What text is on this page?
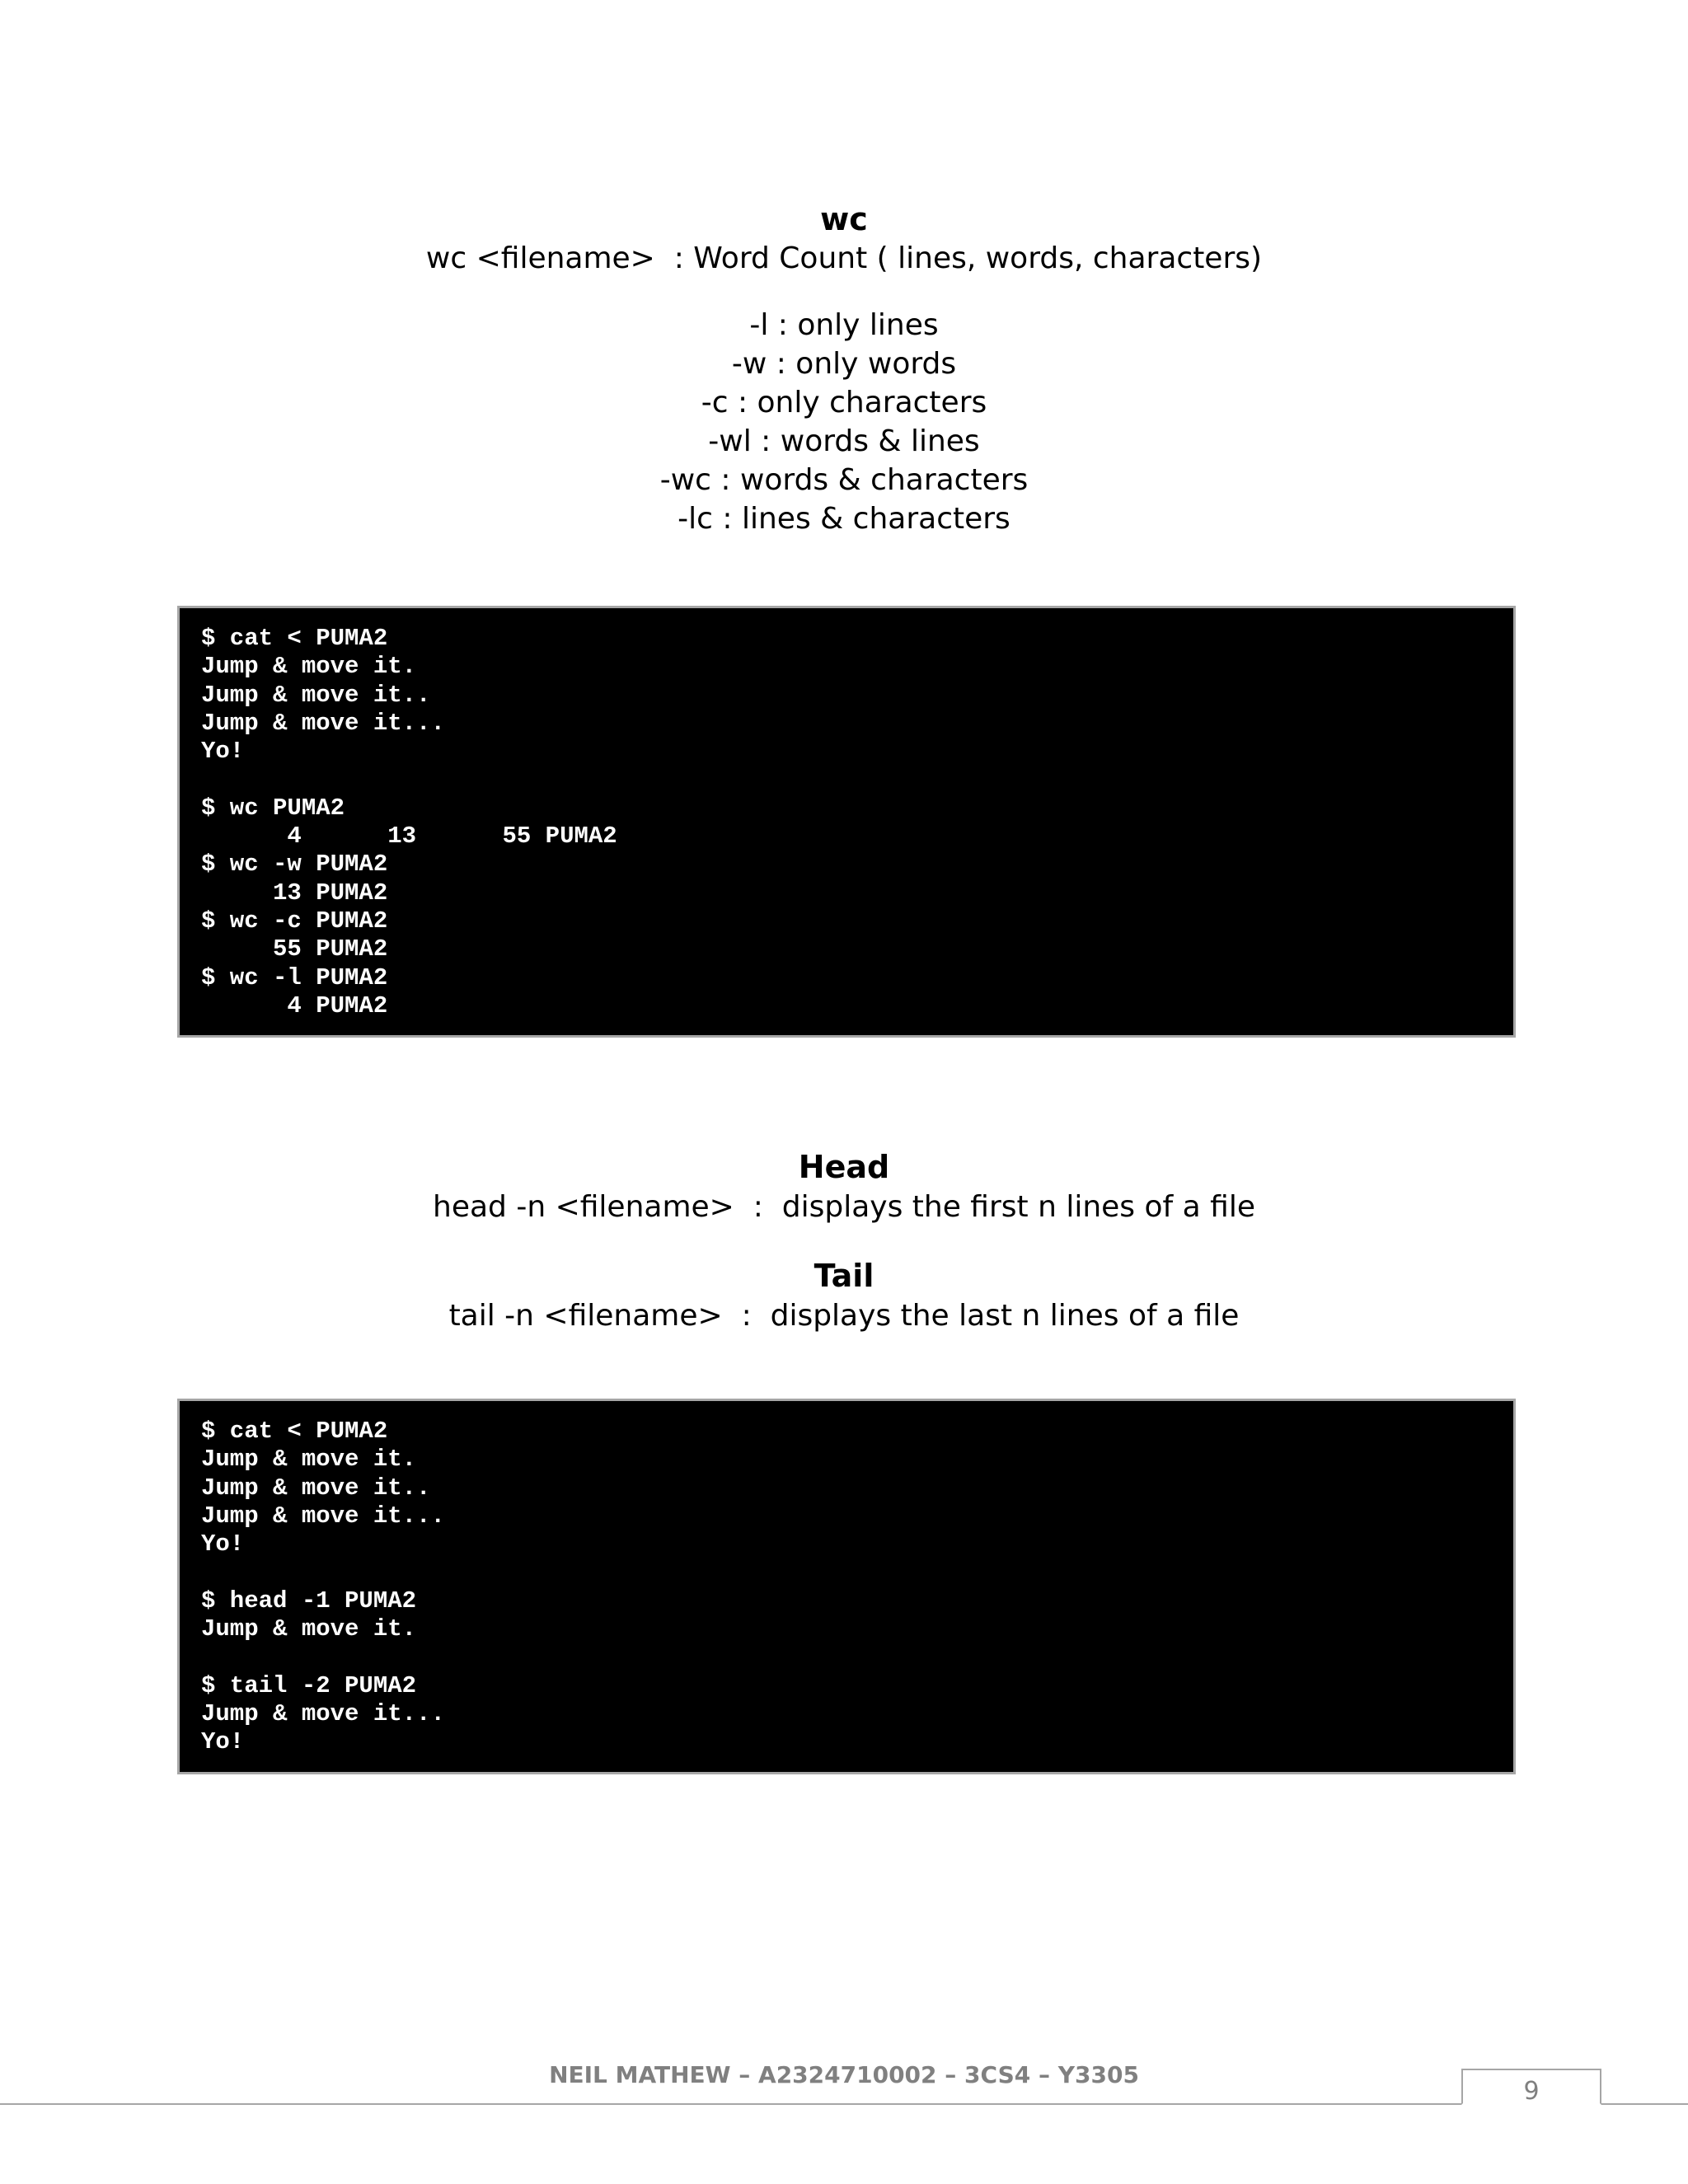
wc
wc <filename>  : Word Count ( lines, words, characters)
-l : only lines
-w : only words
-c : only characters
-wl : words & lines
-wc : words & characters
-lc : lines & characters
$ cat < PUMA2
Jump & move it.
Jump & move it..
Jump & move it...
Yo!

$ wc PUMA2
4      13      55 PUMA2
$ wc -w PUMA2
13 PUMA2
$ wc -c PUMA2
55 PUMA2
$ wc -l PUMA2
4 PUMA2
Head
head -n <filename>  :  displays the first n lines of a file
Tail
tail -n <filename>  :  displays the last n lines of a file
$ cat < PUMA2
Jump & move it.
Jump & move it..
Jump & move it...
Yo!

$ head -1 PUMA2
Jump & move it.

$ tail -2 PUMA2
Jump & move it...
Yo!
NEIL MATHEW – A2324710002 – 3CS4 – Y3305
9
